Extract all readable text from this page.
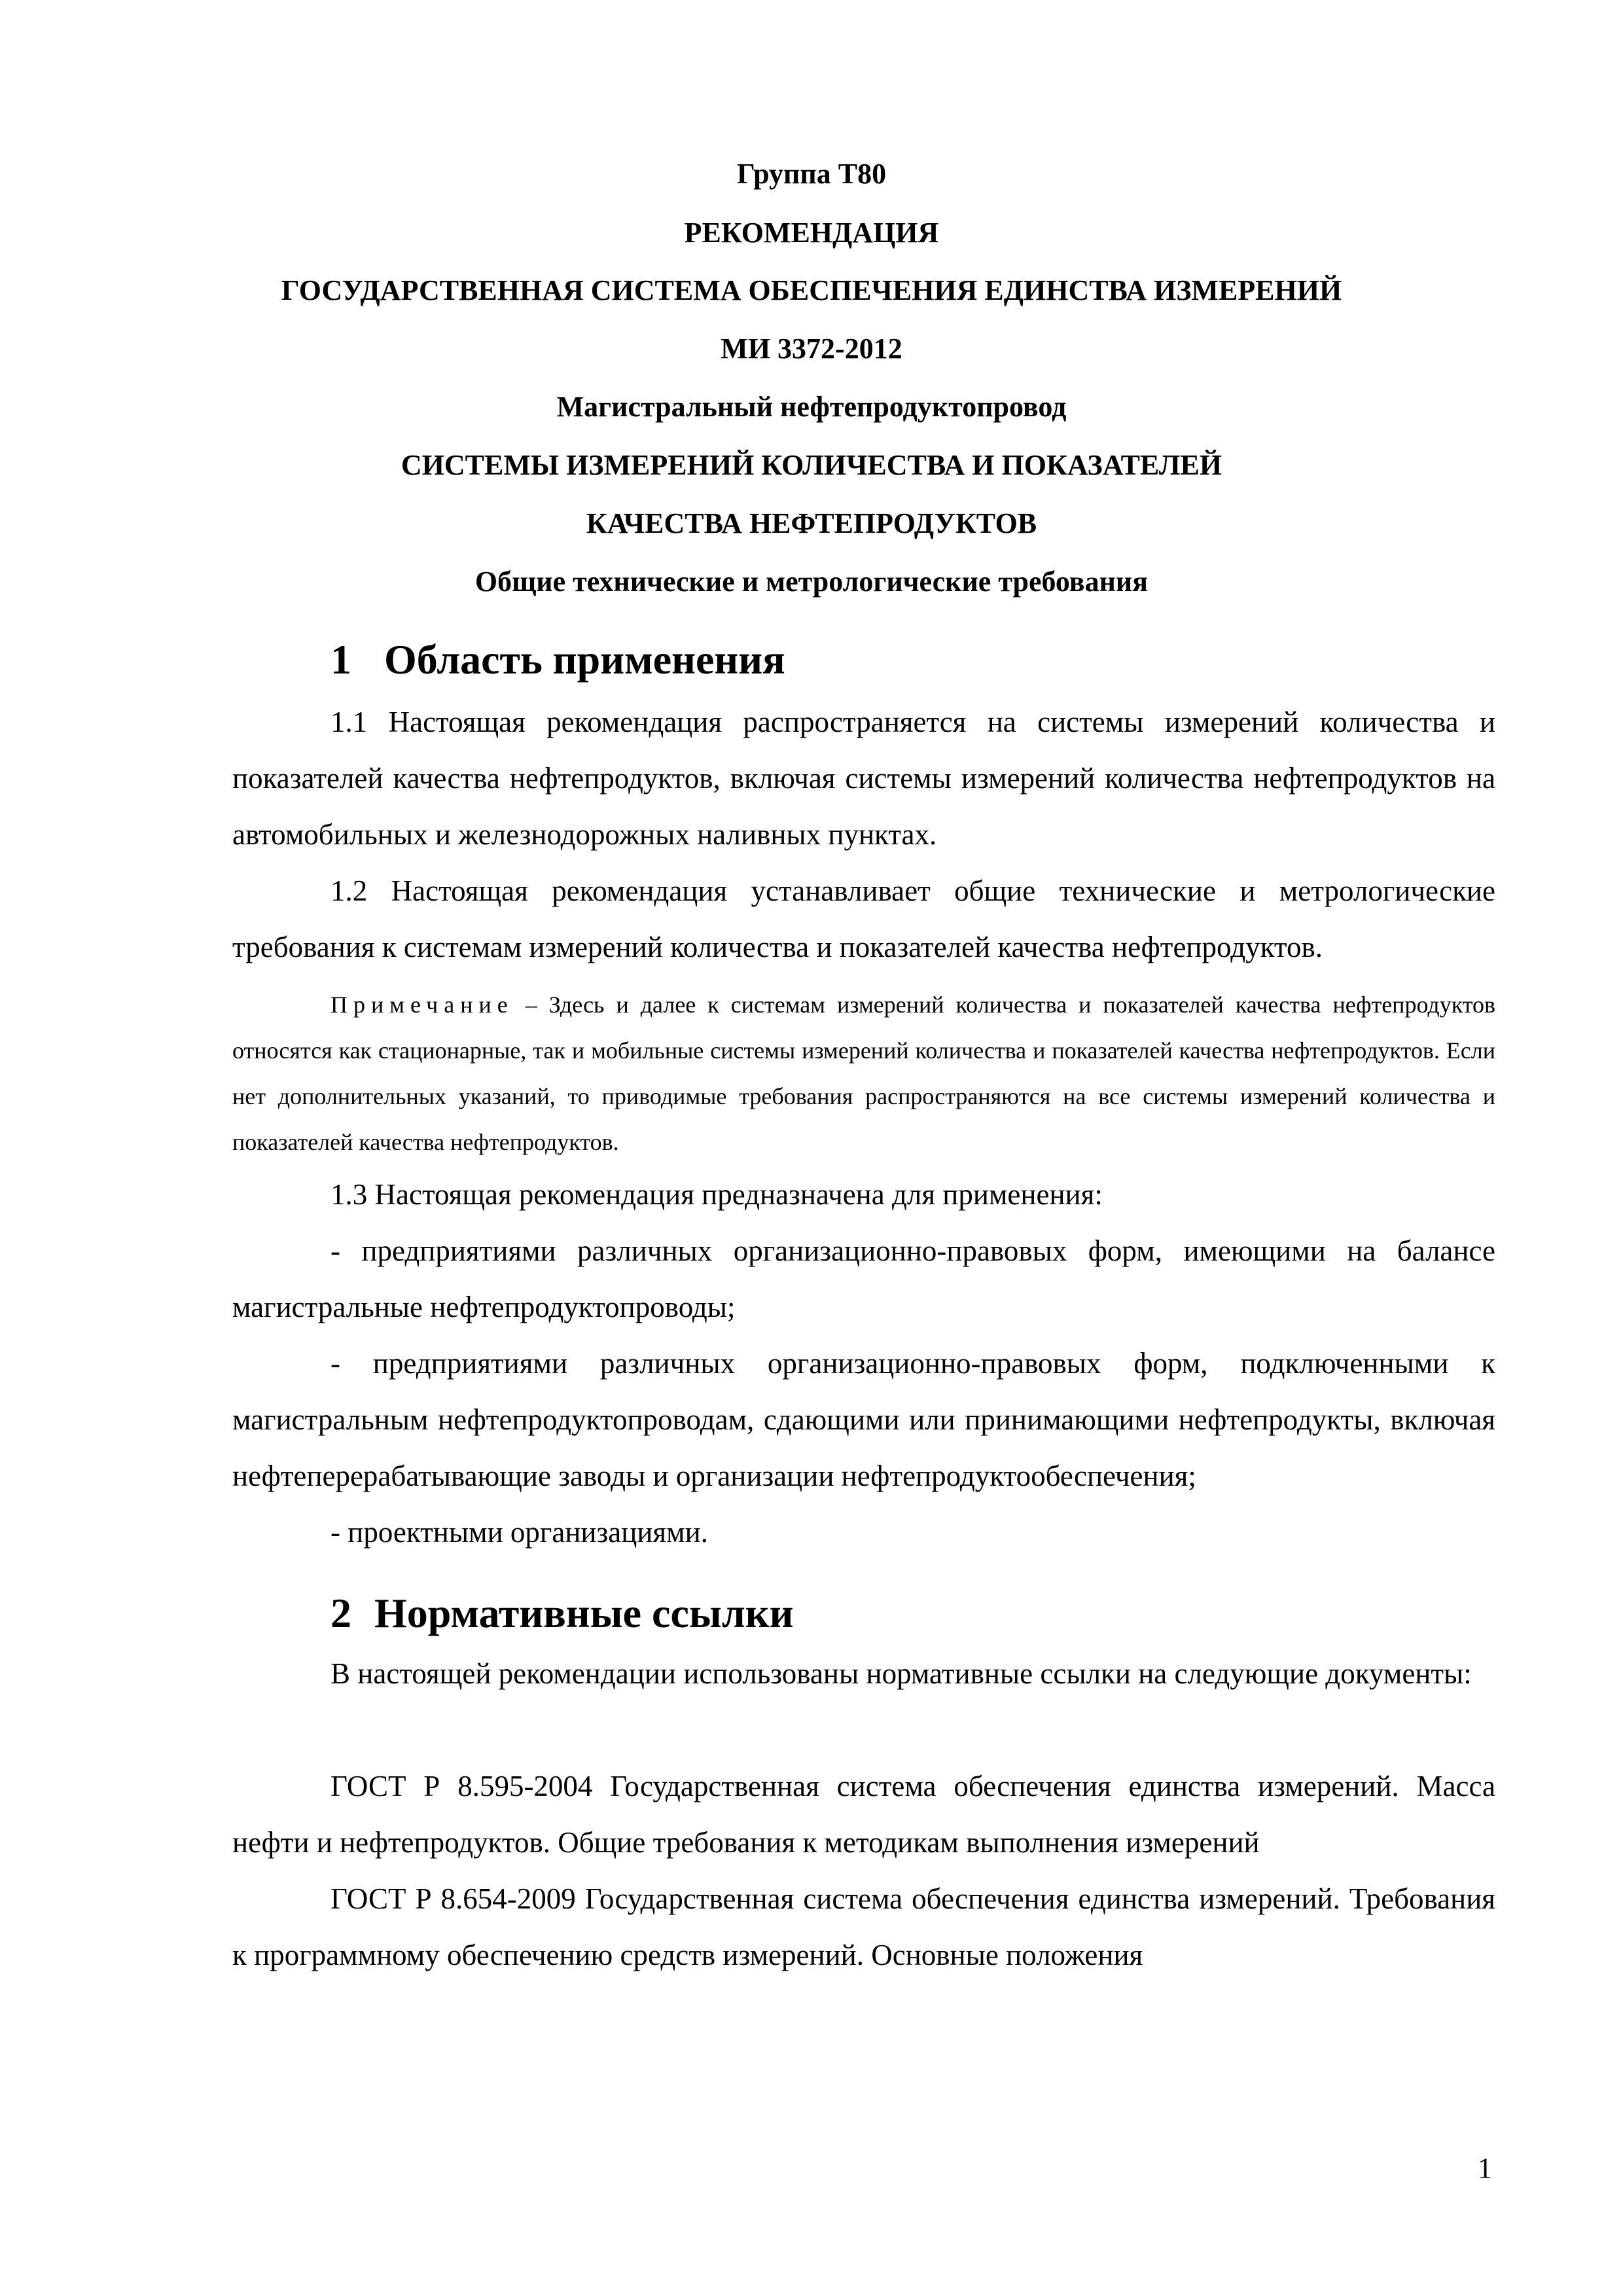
Группа Т80
РЕКОМЕНДАЦИЯ
ГОСУДАРСТВЕННАЯ СИСТЕМА ОБЕСПЕЧЕНИЯ ЕДИНСТВА ИЗМЕРЕНИЙ
МИ 3372-2012
Магистральный нефтепродуктопровод
СИСТЕМЫ ИЗМЕРЕНИЙ КОЛИЧЕСТВА И ПОКАЗАТЕЛЕЙ
КАЧЕСТВА НЕФТЕПРОДУКТОВ
Общие технические и метрологические требования
1 Область применения
1.1 Настоящая рекомендация распространяется на системы измерений количества и показателей качества нефтепродуктов, включая системы измерений количества нефтепродуктов на автомобильных и железнодорожных наливных пунктах.
1.2 Настоящая рекомендация устанавливает общие технические и метрологические требования к системам измерений количества и показателей качества нефтепродуктов.
Примечание – Здесь и далее к системам измерений количества и показателей качества нефтепродуктов относятся как стационарные, так и мобильные системы измерений количества и показателей качества нефтепродуктов. Если нет дополнительных указаний, то приводимые требования распространяются на все системы измерений количества и показателей качества нефтепродуктов.
1.3 Настоящая рекомендация предназначена для применения:
- предприятиями различных организационно-правовых форм, имеющими на балансе магистральные нефтепродуктопроводы;
- предприятиями различных организационно-правовых форм, подключенными к магистральным нефтепродуктопроводам, сдающими или принимающими нефтепродукты, включая нефтеперерабатывающие заводы и организации нефтепродуктообеспечения;
- проектными организациями.
2 Нормативные ссылки
В настоящей рекомендации использованы нормативные ссылки на следующие документы:
ГОСТ Р 8.595-2004 Государственная система обеспечения единства измерений. Масса нефти и нефтепродуктов. Общие требования к методикам выполнения измерений
ГОСТ Р 8.654-2009 Государственная система обеспечения единства измерений. Требования к программному обеспечению средств измерений. Основные положения
1
